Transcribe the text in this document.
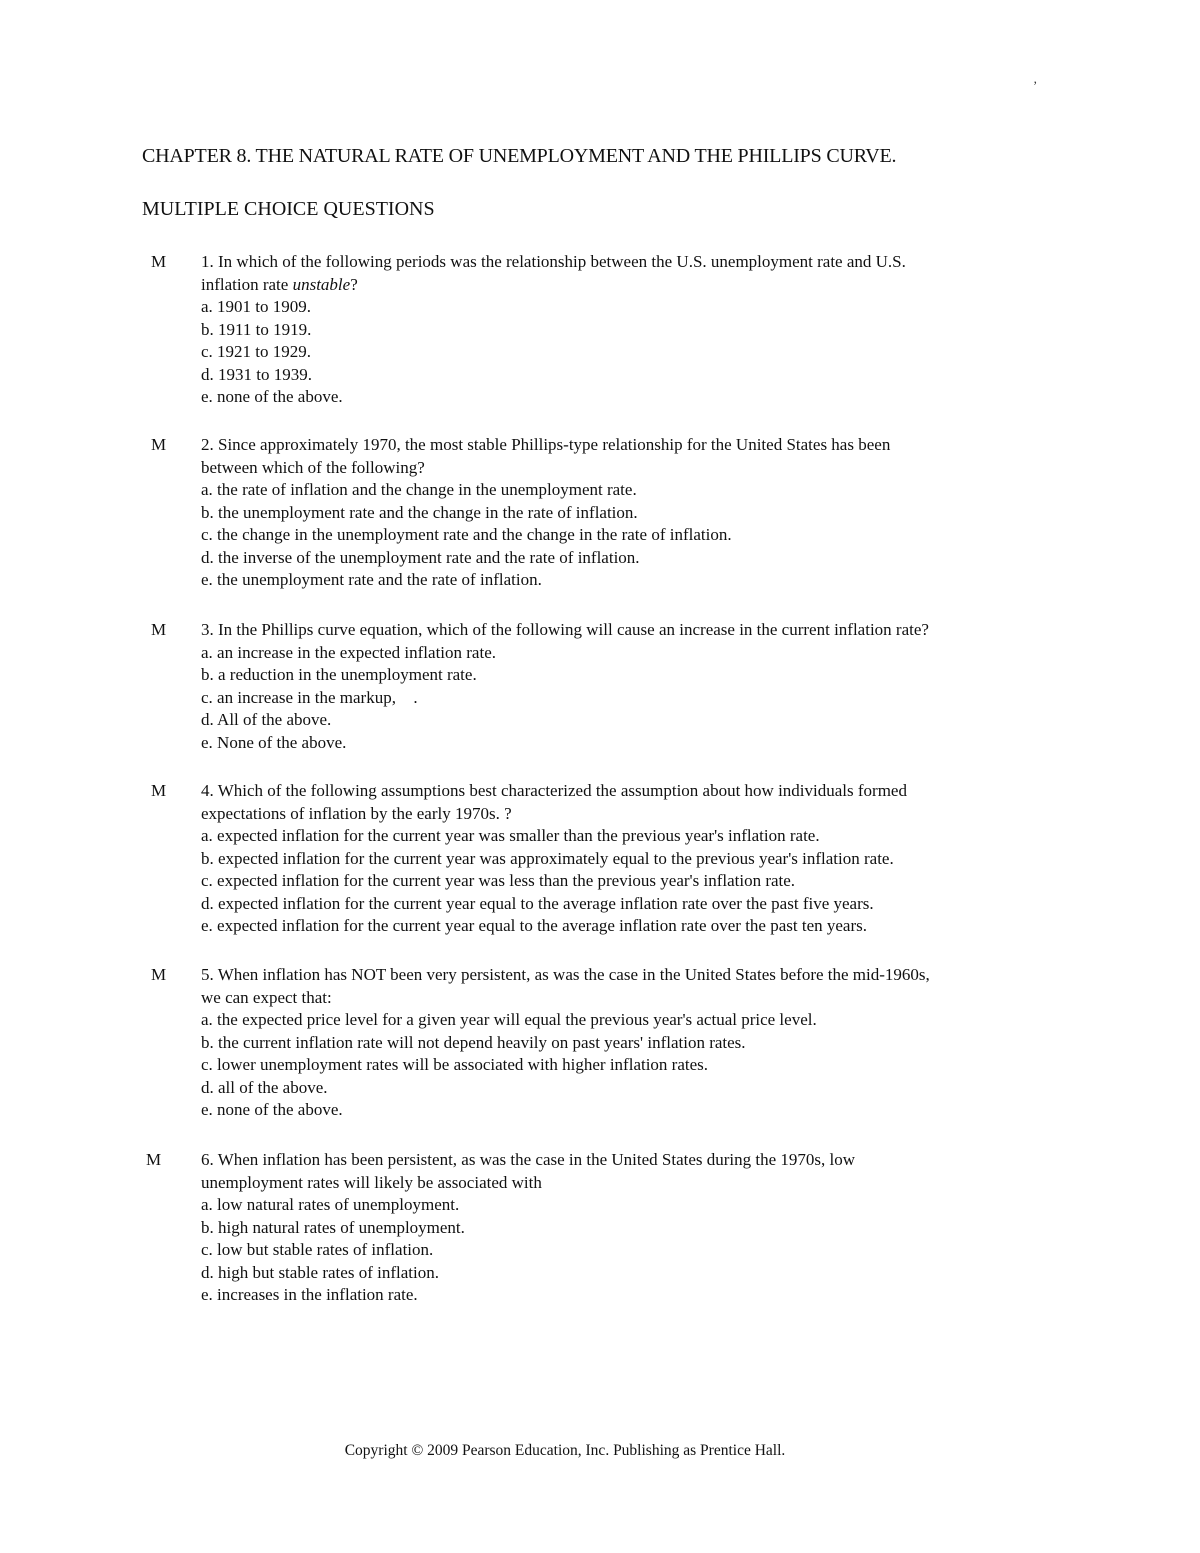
’
CHAPTER 8. THE NATURAL RATE OF UNEMPLOYMENT AND THE PHILLIPS CURVE.
MULTIPLE CHOICE QUESTIONS
M 1. In which of the following periods was the relationship between the U.S. unemployment rate and U.S.
inflation rate unstable?
a. 1901 to 1909.
b. 1911 to 1919.
c. 1921 to 1929.
d. 1931 to 1939.
e. none of the above.
M 2. Since approximately 1970, the most stable Phillips-type relationship for the United States has been
between which of the following?
a. the rate of inflation and the change in the unemployment rate.
b. the unemployment rate and the change in the rate of inflation.
c. the change in the unemployment rate and the change in the rate of inflation.
d. the inverse of the unemployment rate and the rate of inflation.
e. the unemployment rate and the rate of inflation.
M 3. In the Phillips curve equation, which of the following will cause an increase in the current inflation rate?
a. an increase in the expected inflation rate.
b. a reduction in the unemployment rate.
c. an increase in the markup,  .
d. All of the above.
e. None of the above.
M 4. Which of the following assumptions best characterized the assumption about how individuals formed
expectations of inflation by the early 1970s. ?
a. expected inflation for the current year was smaller than the previous year's inflation rate.
b. expected inflation for the current year was approximately equal to the previous year's inflation rate.
c. expected inflation for the current year was less than the previous year's inflation rate.
d. expected inflation for the current year equal to the average inflation rate over the past five years.
e. expected inflation for the current year equal to the average inflation rate over the past ten years.
M 5. When inflation has NOT been very persistent, as was the case in the United States before the mid-1960s,
we can expect that:
a. the expected price level for a given year will equal the previous year's actual price level.
b. the current inflation rate will not depend heavily on past years' inflation rates.
c. lower unemployment rates will be associated with higher inflation rates.
d. all of the above.
e. none of the above.
M 6. When inflation has been persistent, as was the case in the United States during the 1970s, low
unemployment rates will likely be associated with
a. low natural rates of unemployment.
b. high natural rates of unemployment.
c. low but stable rates of inflation.
d. high but stable rates of inflation.
e. increases in the inflation rate.
Copyright © 2009 Pearson Education, Inc. Publishing as Prentice Hall.
